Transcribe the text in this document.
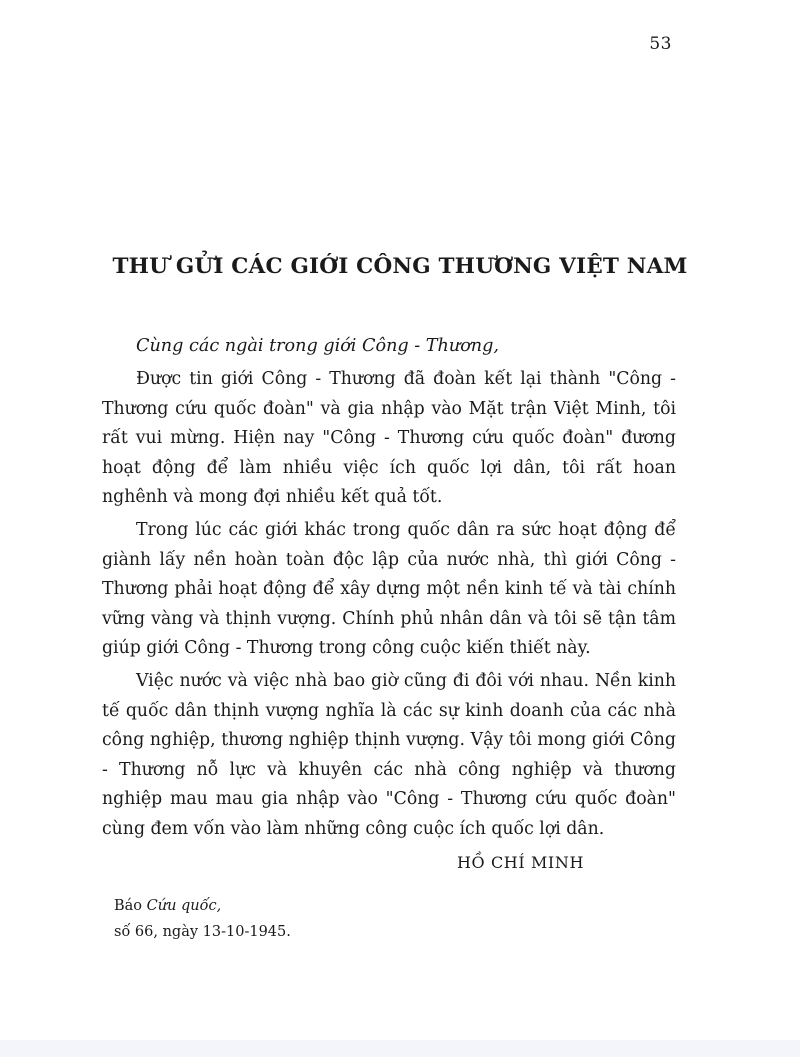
53
THƯ GỬI CÁC GIỚI CÔNG THƯƠNG VIỆT NAM

Cùng các ngài trong giới Công - Thương,

Được tin giới Công - Thương đã đoàn kết lại thành "Công - Thương cứu quốc đoàn" và gia nhập vào Mặt trận Việt Minh, tôi rất vui mừng. Hiện nay "Công - Thương cứu quốc đoàn" đương hoạt động để làm nhiều việc ích quốc lợi dân, tôi rất hoan nghênh và mong đợi nhiều kết quả tốt.

Trong lúc các giới khác trong quốc dân ra sức hoạt động để giành lấy nền hoàn toàn độc lập của nước nhà, thì giới Công - Thương phải hoạt động để xây dựng một nền kinh tế và tài chính vững vàng và thịnh vượng. Chính phủ nhân dân và tôi sẽ tận tâm giúp giới Công - Thương trong công cuộc kiến thiết này.

Việc nước và việc nhà bao giờ cũng đi đôi với nhau. Nền kinh tế quốc dân thịnh vượng nghĩa là các sự kinh doanh của các nhà công nghiệp, thương nghiệp thịnh vượng. Vậy tôi mong giới Công - Thương nỗ lực và khuyên các nhà công nghiệp và thương nghiệp mau mau gia nhập vào "Công - Thương cứu quốc đoàn" cùng đem vốn vào làm những công cuộc ích quốc lợi dân.

HỒ CHÍ MINH
Báo Cứu quốc,
số 66, ngày 13-10-1945.
